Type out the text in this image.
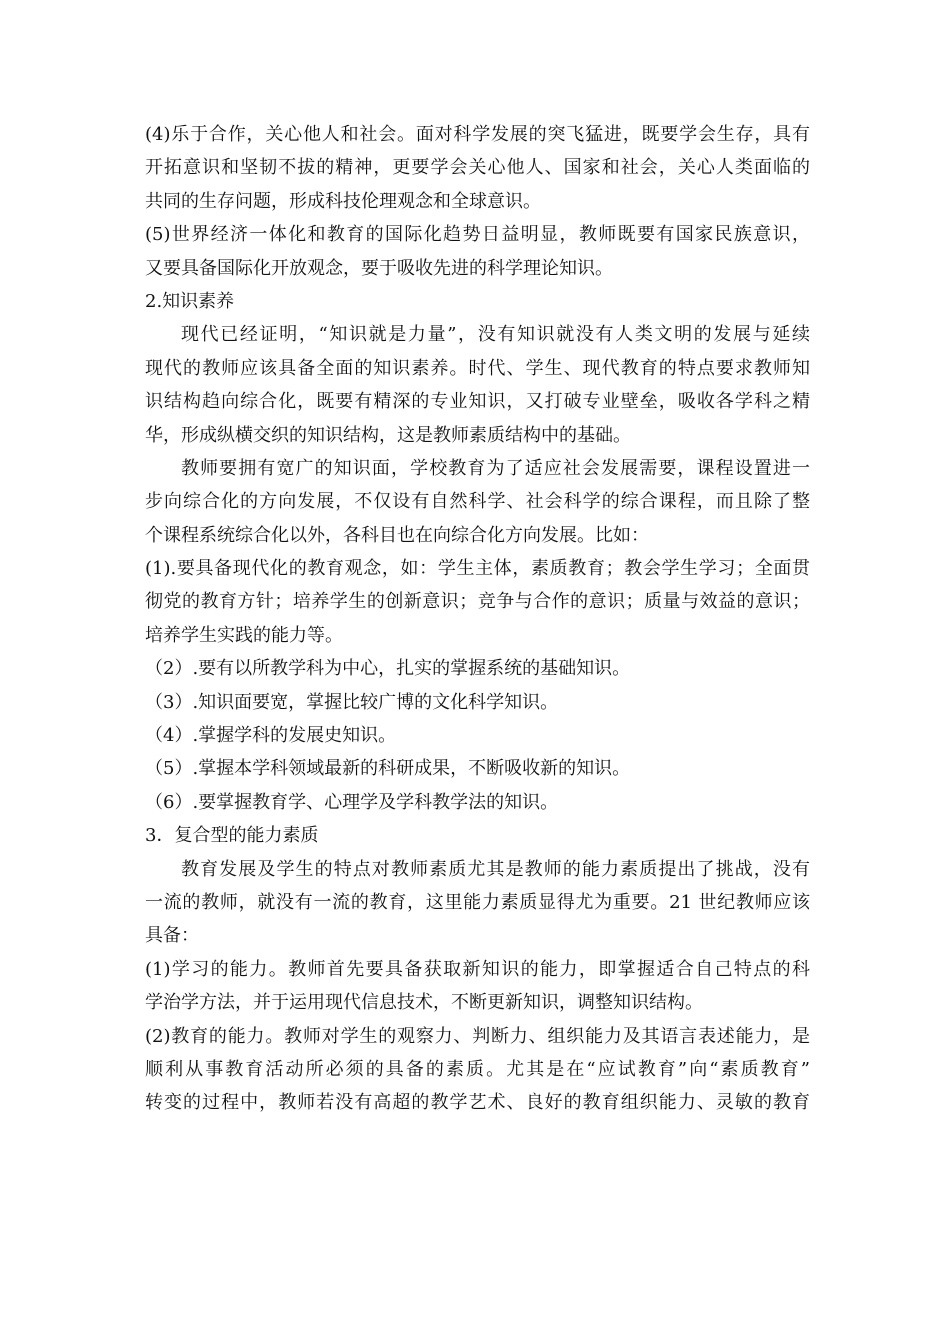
(4)乐于合作，关心他人和社会。面对科学发展的突飞猛进，既要学会生存，具有
开拓意识和坚韧不拔的精神，更要学会关心他人、国家和社会，关心人类面临的
共同的生存问题，形成科技伦理观念和全球意识。
(5)世界经济一体化和教育的国际化趋势日益明显，教师既要有国家民族意识，
又要具备国际化开放观念，要于吸收先进的科学理论知识。
2.知识素养
现代已经证明，“知识就是力量”，没有知识就没有人类文明的发展与延续
现代的教师应该具备全面的知识素养。时代、学生、现代教育的特点要求教师知
识结构趋向综合化，既要有精深的专业知识，又打破专业壁垒，吸收各学科之精
华，形成纵横交织的知识结构，这是教师素质结构中的基础。
教师要拥有宽广的知识面，学校教育为了适应社会发展需要，课程设置进一
步向综合化的方向发展，不仅设有自然科学、社会科学的综合课程，而且除了整
个课程系统综合化以外，各科目也在向综合化方向发展。比如：
(1).要具备现代化的教育观念，如：学生主体，素质教育；教会学生学习；全面贯
彻党的教育方针；培养学生的创新意识；竞争与合作的意识；质量与效益的意识；
培养学生实践的能力等。
（2）.要有以所教学科为中心，扎实的掌握系统的基础知识。
（3）.知识面要宽，掌握比较广博的文化科学知识。
（4）.掌握学科的发展史知识。
（5）.掌握本学科领域最新的科研成果，不断吸收新的知识。
（6）.要掌握教育学、心理学及学科教学法的知识。
3．复合型的能力素质
教育发展及学生的特点对教师素质尤其是教师的能力素质提出了挑战，没有
一流的教师，就没有一流的教育，这里能力素质显得尤为重要。21 世纪教师应该
具备：
(1)学习的能力。教师首先要具备获取新知识的能力，即掌握适合自己特点的科
学治学方法，并于运用现代信息技术，不断更新知识，调整知识结构。
(2)教育的能力。教师对学生的观察力、判断力、组织能力及其语言表述能力，是
顺利从事教育活动所必须的具备的素质。尤其是在“应试教育”向“素质教育”
转变的过程中，教师若没有高超的教学艺术、良好的教育组织能力、灵敏的教育
